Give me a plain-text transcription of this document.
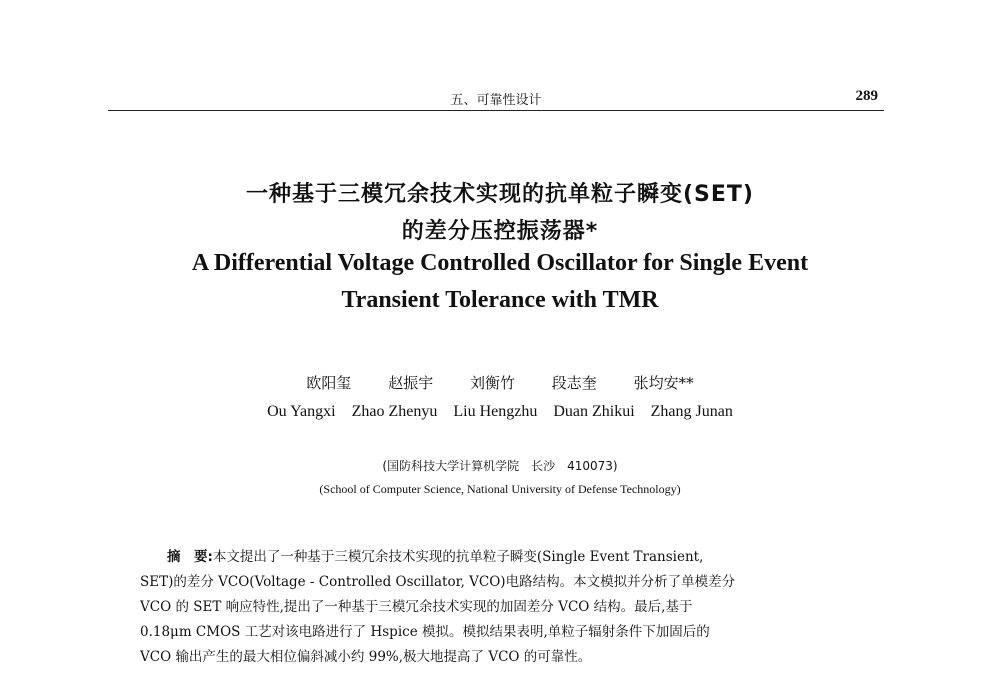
五、可靠性设计	289
一种基于三模冗余技术实现的抗单粒子瞬变(SET)
的差分压控振荡器*
A Differential Voltage Controlled Oscillator for Single Event
Transient Tolerance with TMR
欧阳玺 赵振宇 刘衡竹 段志奎 张均安**
Ou Yangxi Zhao Zhenyu Liu Hengzhu Duan Zhikui Zhang Junan
(国防科技大学计算机学院　长沙　410073)
(School of Computer Science, National University of Defense Technology)
摘　要:本文提出了一种基于三模冗余技术实现的抗单粒子瞬变(Single Event Transient,
SET)的差分 VCO(Voltage - Controlled Oscillator, VCO)电路结构。本文模拟并分析了单模差分
VCO 的 SET 响应特性,提出了一种基于三模冗余技术实现的加固差分 VCO 结构。最后,基于
0.18μm CMOS 工艺对该电路进行了 Hspice 模拟。模拟结果表明,单粒子辐射条件下加固后的
VCO 输出产生的最大相位偏斜减小约 99%,极大地提高了 VCO 的可靠性。
